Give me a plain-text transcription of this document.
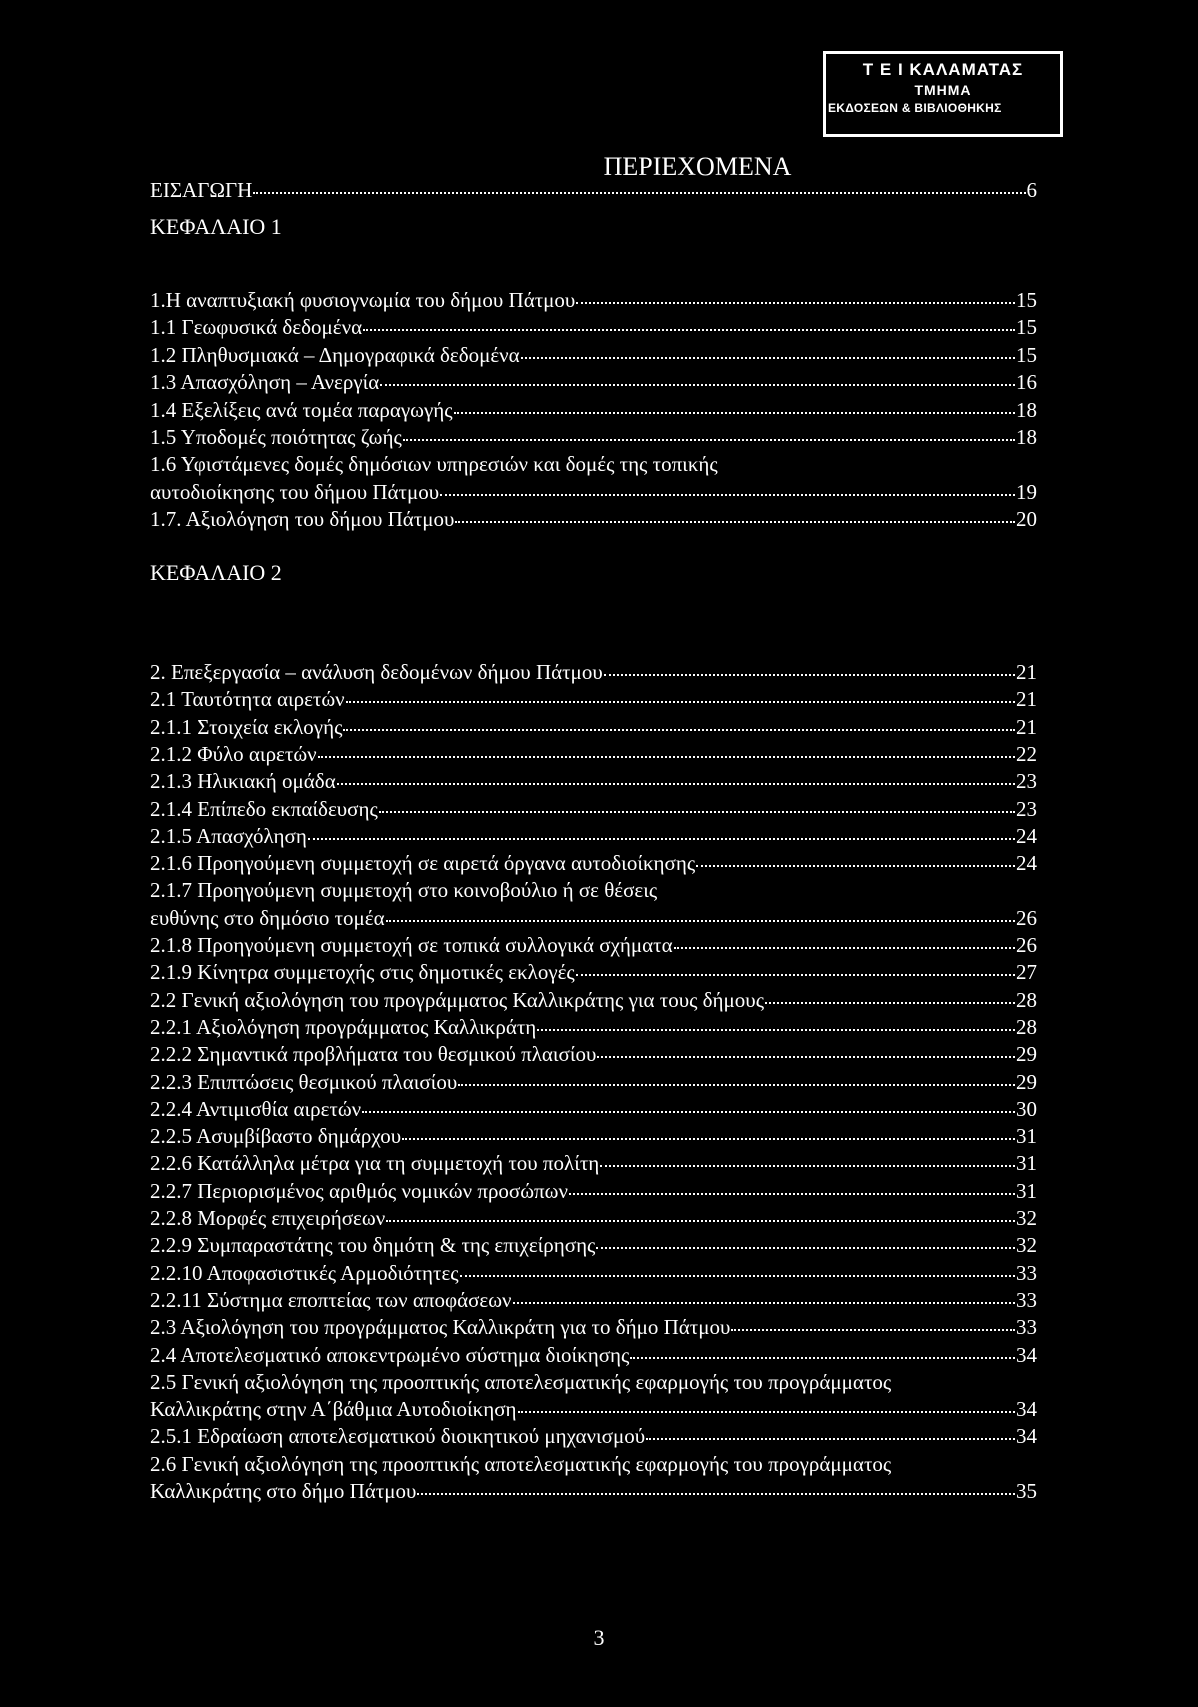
Τ Ε Ι ΚΑΛΑΜΑΤΑΣ
ΤΜΗΜΑ
ΕΚΔΟΣΕΩΝ & ΒΙΒΛΙΟΘΗΚΗΣ
ΠΕΡΙΕΧΟΜΕΝΑ
ΕΙΣΑΓΩΓΗ	6
ΚΕΦΑΛΑΙΟ 1
1.Η αναπτυξιακή φυσιογνωμία του δήμου Πάτμου	15
1.1 Γεωφυσικά δεδομένα	15
1.2 Πληθυσμιακά – Δημογραφικά δεδομένα	15
1.3 Απασχόληση – Ανεργία	16
1.4 Εξελίξεις ανά τομέα παραγωγής	18
1.5 Υποδομές ποιότητας ζωής	18
1.6 Υφιστάμενες δομές δημόσιων υπηρεσιών και δομές της τοπικής
αυτοδιοίκησης του δήμου Πάτμου	19
1.7. Αξιολόγηση του δήμου Πάτμου	20
ΚΕΦΑΛΑΙΟ 2
2. Επεξεργασία – ανάλυση δεδομένων δήμου Πάτμου	21
2.1 Ταυτότητα αιρετών	21
2.1.1 Στοιχεία εκλογής	21
2.1.2 Φύλο αιρετών	22
2.1.3 Ηλικιακή ομάδα	23
2.1.4 Επίπεδο εκπαίδευσης	23
2.1.5 Απασχόληση	24
2.1.6 Προηγούμενη συμμετοχή σε αιρετά όργανα αυτοδιοίκησης	24
2.1.7 Προηγούμενη συμμετοχή στο κοινοβούλιο ή σε θέσεις
ευθύνης στο δημόσιο τομέα	26
2.1.8 Προηγούμενη συμμετοχή σε τοπικά συλλογικά σχήματα	26
2.1.9 Κίνητρα συμμετοχής στις δημοτικές εκλογές	27
2.2 Γενική αξιολόγηση του προγράμματος Καλλικράτης για τους δήμους	28
2.2.1 Αξιολόγηση προγράμματος Καλλικράτη	28
2.2.2 Σημαντικά προβλήματα του θεσμικού πλαισίου	29
2.2.3 Επιπτώσεις θεσμικού πλαισίου	29
2.2.4 Αντιμισθία αιρετών	30
2.2.5 Ασυμβίβαστο δημάρχου	31
2.2.6 Κατάλληλα μέτρα για τη συμμετοχή του πολίτη	31
2.2.7 Περιορισμένος αριθμός νομικών προσώπων	31
2.2.8 Μορφές επιχειρήσεων	32
2.2.9 Συμπαραστάτης του δημότη & της επιχείρησης	32
2.2.10 Αποφασιστικές Αρμοδιότητες	33
2.2.11 Σύστημα εποπτείας των αποφάσεων	33
2.3 Αξιολόγηση του προγράμματος Καλλικράτη για το δήμο Πάτμου	33
2.4 Αποτελεσματικό αποκεντρωμένο σύστημα διοίκησης	34
2.5 Γενική αξιολόγηση της προοπτικής αποτελεσματικής εφαρμογής του προγράμματος
Καλλικράτης στην Α΄βάθμια Αυτοδιοίκηση	34
2.5.1 Εδραίωση αποτελεσματικού διοικητικού μηχανισμού	34
2.6 Γενική αξιολόγηση της προοπτικής αποτελεσματικής εφαρμογής του προγράμματος
Καλλικράτης στο δήμο Πάτμου	35
3
